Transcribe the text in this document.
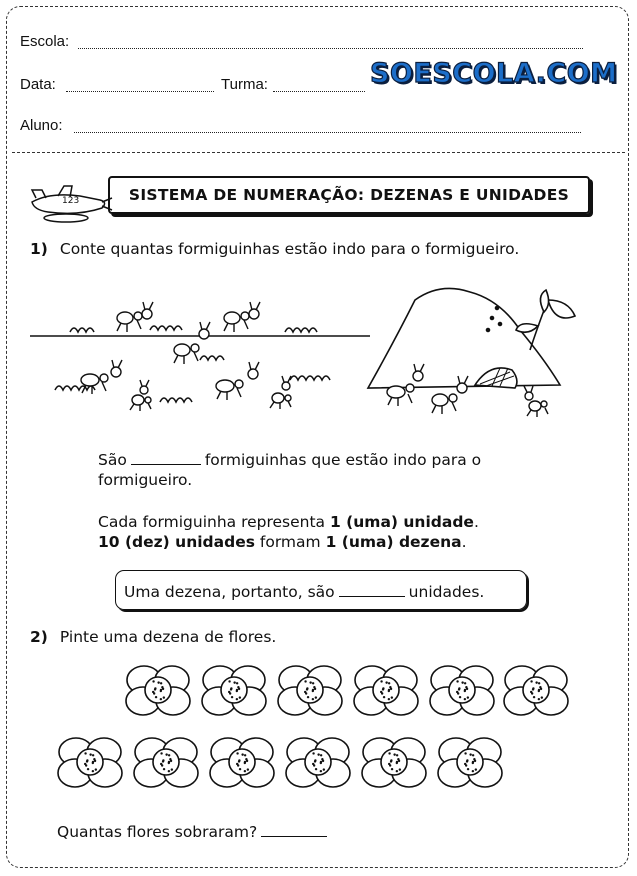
Escola:
Data:	Turma:	SOESCOLA.COM
Aluno:
123	SISTEMA DE NUMERAÇÃO: DEZENAS E UNIDADES
1) Conte quantas formiguinhas estão indo para o formigueiro.
São	formiguinhas que estão indo para o
formigueiro.
Cada formiguinha representa 1 (uma) unidade.
10 (dez) unidades formam 1 (uma) dezena.
Uma dezena, portanto, são	unidades.
2) Pinte uma dezena de flores.
Quantas flores sobraram?
